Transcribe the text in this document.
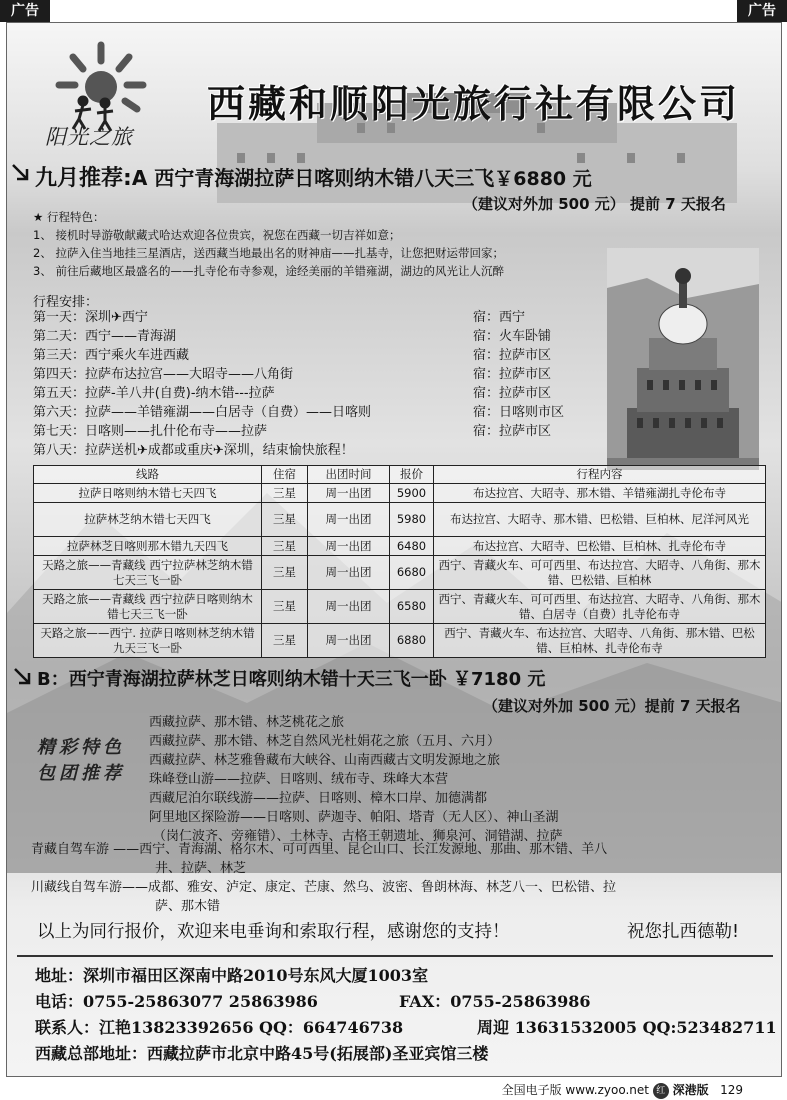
广告	广告
阳光之旅
西藏和顺阳光旅行社有限公司
九月推荐:A 西宁青海湖拉萨日喀则纳木错八天三飞￥6880 元
（建议对外加 500 元） 提前 7 天报名
★ 行程特色：
1、 接机时导游敬献藏式哈达欢迎各位贵宾，祝您在西藏一切吉祥如意；
2、 拉萨入住当地挂三星酒店，送西藏当地最出名的财神庙——扎基寺，让您把财运带回家；
3、 前往后藏地区最盛名的——扎寺伦布寺参观，途经美丽的羊错雍湖，湖边的风光让人沉醉
行程安排：
第一天：深圳✈西宁	宿：西宁
第二天：西宁——青海湖	宿：火车卧铺
第三天：西宁乘火车进西藏	宿：拉萨市区
第四天：拉萨布达拉宫——大昭寺——八角街	宿：拉萨市区
第五天：拉萨-羊八井(自费)-纳木错---拉萨	宿：拉萨市区
第六天：拉萨——羊错雍湖——白居寺（自费）——日喀则	宿：日喀则市区
第七天：日喀则——扎什伦布寺——拉萨	宿：拉萨市区
第八天：拉萨送机✈成都或重庆✈深圳，结束愉快旅程！
线路	住宿	出团时间	报价	行程内容
拉萨日喀则纳木错七天四飞	三星	周一出团	5900	布达拉宫、大昭寺、那木错、羊错雍湖扎寺伦布寺
拉萨林芝纳木错七天四飞	三星	周一出团	5980	布达拉宫、大昭寺、那木错、巴松错、巨柏林、尼洋河风光
拉萨林芝日喀则那木错九天四飞	三星	周一出团	6480	布达拉宫、大昭寺、巴松错、巨柏林、扎寺伦布寺
天路之旅——青藏线 西宁拉萨林芝纳木错七天三飞一卧	三星	周一出团	6680	西宁、青藏火车、可可西里、布达拉宫、大昭寺、八角街、那木错、巴松错、巨柏林
天路之旅——青藏线 西宁拉萨日喀则纳木错七天三飞一卧	三星	周一出团	6580	西宁、青藏火车、可可西里、布达拉宫、大昭寺、八角街、那木错、白居寺（自费）扎寺伦布寺
天路之旅——西宁. 拉萨日喀则林芝纳木错九天三飞一卧	三星	周一出团	6880	西宁、青藏火车、布达拉宫、大昭寺、八角街、那木错、巴松错、巨柏林、扎寺伦布寺
B：西宁青海湖拉萨林芝日喀则纳木错十天三飞一卧 ￥7180 元
（建议对外加 500 元）提前 7 天报名
精彩特色
包团推荐
西藏拉萨、那木错、林芝桃花之旅
西藏拉萨、那木错、林芝自然风光杜娟花之旅（五月、六月）
西藏拉萨、林芝雅鲁藏布大峡谷、山南西藏古文明发源地之旅
珠峰登山游——拉萨、日喀则、绒布寺、珠峰大本营
西藏尼泊尔联线游——拉萨、日喀则、樟木口岸、加德满都
阿里地区探险游——日喀则、萨迦寺、帕阳、塔青（无人区）、神山圣湖
（岗仁波齐、旁雍错）、土林寺、古格王朝遗址、狮泉河、洞错湖、拉萨
青藏自驾车游 ——西宁、青海湖、格尔木、可可西里、昆仑山口、长江发源地、那曲、那木错、羊八
井、拉萨、林芝
川藏线自驾车游——成都、雅安、泸定、康定、芒康、然乌、波密、鲁朗林海、林芝八一、巴松错、拉
萨、那木错
以上为同行报价，欢迎来电垂询和索取行程，感谢您的支持！	祝您扎西德勒!
地址：深圳市福田区深南中路2010号东风大厦1003室
电话：0755-25863077 25863986	FAX：0755-25863986
联系人：江艳13823392656 QQ：664746738	周迎 13631532005 QQ:523482711
西藏总部地址：西藏拉萨市北京中路45号(拓展部)圣亚宾馆三楼
全国电子版 www.zyoo.net 红 深港版 129
